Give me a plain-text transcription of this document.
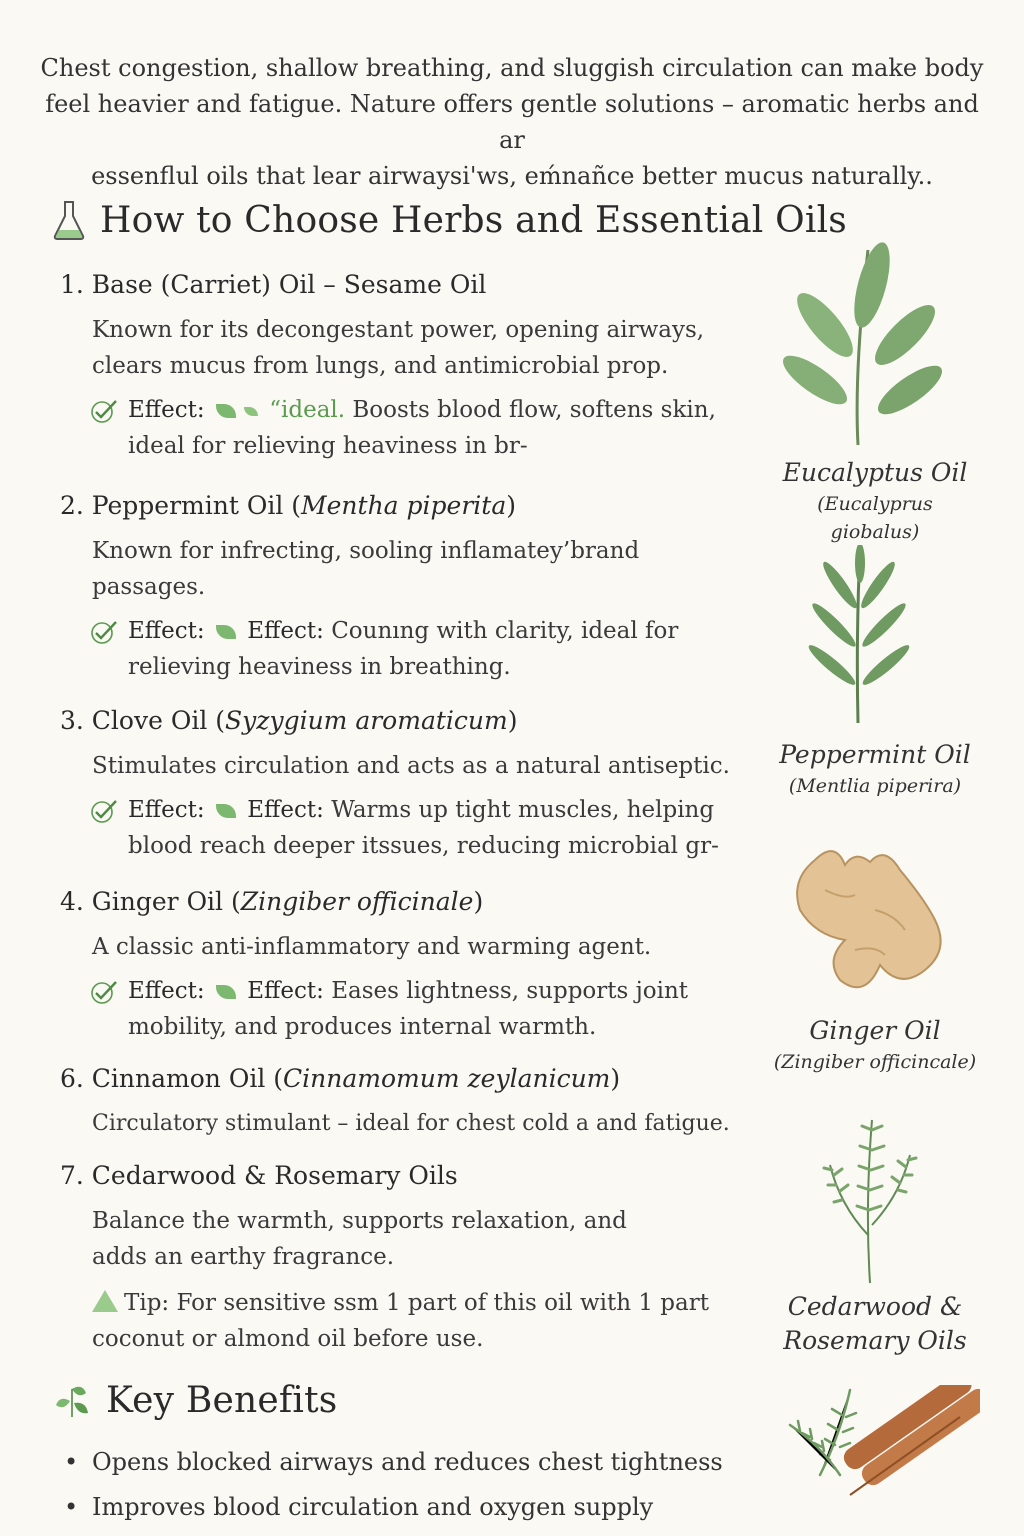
Chest congestion, shallow breathing, and sluggish circulation can make body
feel heavier and fatigue. Nature offers gentle solutions – aromatic herbs and ar
essenflul oils that lear airwaysi'ws, eḿnañce better mucus naturally..
How to Choose Herbs and Essential Oils
1. Base (Carriet) Oil – Sesame Oil
Known for its decongestant power, opening airways, clears mucus from lungs, and antimicrobial prop.
Effect:	“ideal. Boosts blood flow, softens skin, ideal for relieving heaviness in br-
2. Peppermint Oil (Mentha piperita)
Known for infrecting, sooling inflamatey’brand passages.
Effect: Effect: Counıng with clarity, ideal for relieving heaviness in breathing.
3. Clove Oil (Syzygium aromaticum)
Stimulates circulation and acts as a natural antiseptic.
Effect: Effect: Warms up tight muscles, helping blood reach deeper itssues, reducing microbial gr-
4. Ginger Oil (Zingiber officinale)
A classic anti-inflammatory and warming agent.
Effect: Effect: Eases lightness, supports joint mobility, and produces internal warmth.
6. Cinnamon Oil (Cinnamomum zeylanicum)
Circulatory stimulant – ideal for chest cold a and fatigue.
7. Cedarwood & Rosemary Oils
Balance the warmth, supports relaxation, and adds an earthy fragrance.
Tip: For sensitive ssm 1 part of this oil with 1 part coconut or almond oil before use.
Key Benefits
• Opens blocked airways and reduces chest tightness
• Improves blood circulation and oxygen supply
Eucalyptus Oil
(Eucalyprus giobalus)
Peppermint Oil
(Mentlia piperira)
Ginger Oil
(Zingiber officincale)
Cedarwood & Rosemary Oils
